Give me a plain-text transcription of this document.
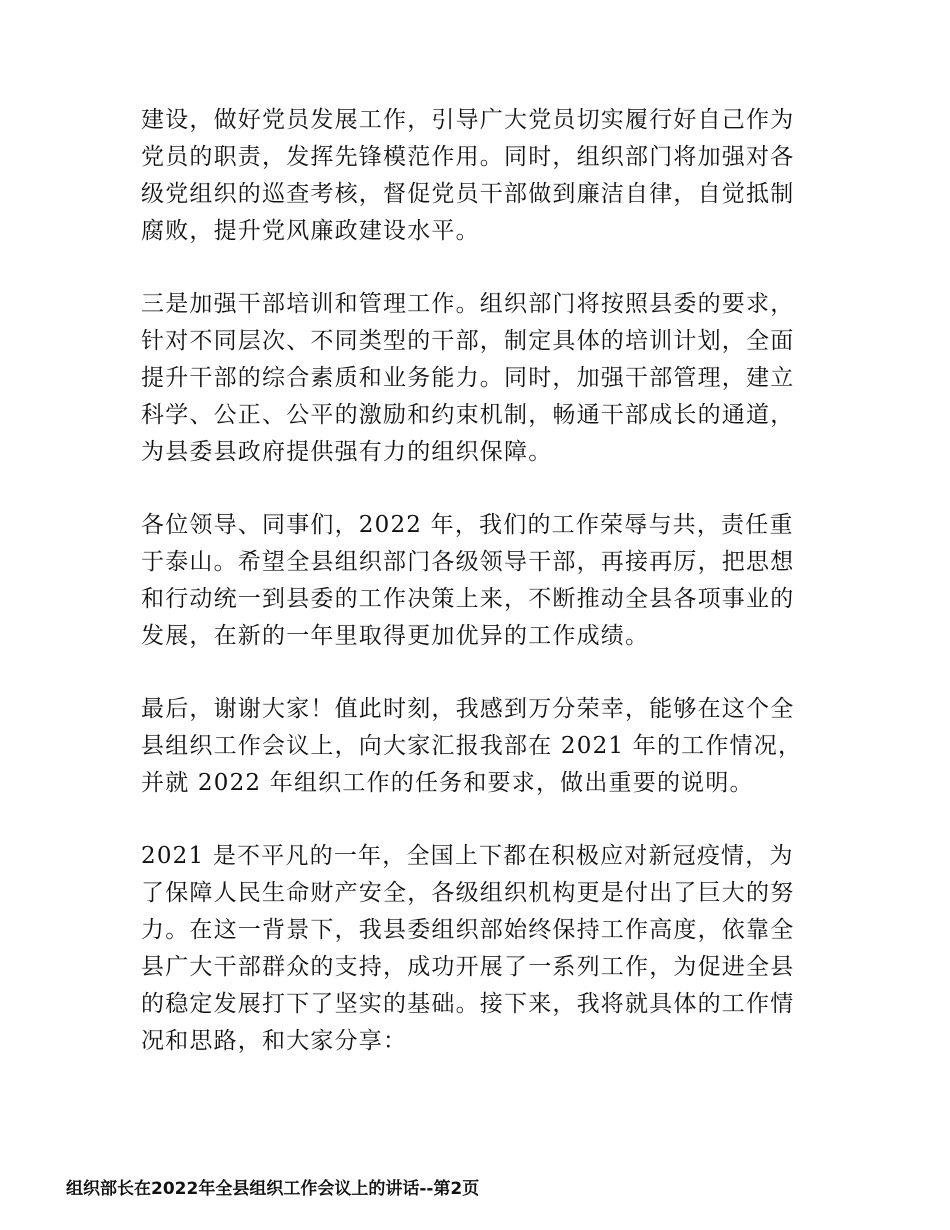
建设，做好党员发展工作，引导广大党员切实履行好自己作为
党员的职责，发挥先锋模范作用。同时，组织部门将加强对各
级党组织的巡查考核，督促党员干部做到廉洁自律，自觉抵制
腐败，提升党风廉政建设水平。

三是加强干部培训和管理工作。组织部门将按照县委的要求，
针对不同层次、不同类型的干部，制定具体的培训计划，全面
提升干部的综合素质和业务能力。同时，加强干部管理，建立
科学、公正、公平的激励和约束机制，畅通干部成长的通道，
为县委县政府提供强有力的组织保障。

各位领导、同事们，2022 年，我们的工作荣辱与共，责任重
于泰山。希望全县组织部门各级领导干部，再接再厉，把思想
和行动统一到县委的工作决策上来，不断推动全县各项事业的
发展，在新的一年里取得更加优异的工作成绩。

最后，谢谢大家！值此时刻，我感到万分荣幸，能够在这个全
县组织工作会议上，向大家汇报我部在 2021 年的工作情况，
并就 2022 年组织工作的任务和要求，做出重要的说明。

2021 是不平凡的一年，全国上下都在积极应对新冠疫情，为
了保障人民生命财产安全，各级组织机构更是付出了巨大的努
力。在这一背景下，我县委组织部始终保持工作高度，依靠全
县广大干部群众的支持，成功开展了一系列工作，为促进全县
的稳定发展打下了坚实的基础。接下来，我将就具体的工作情
况和思路，和大家分享：

组织部长在2022年全县组织工作会议上的讲话--第2页
